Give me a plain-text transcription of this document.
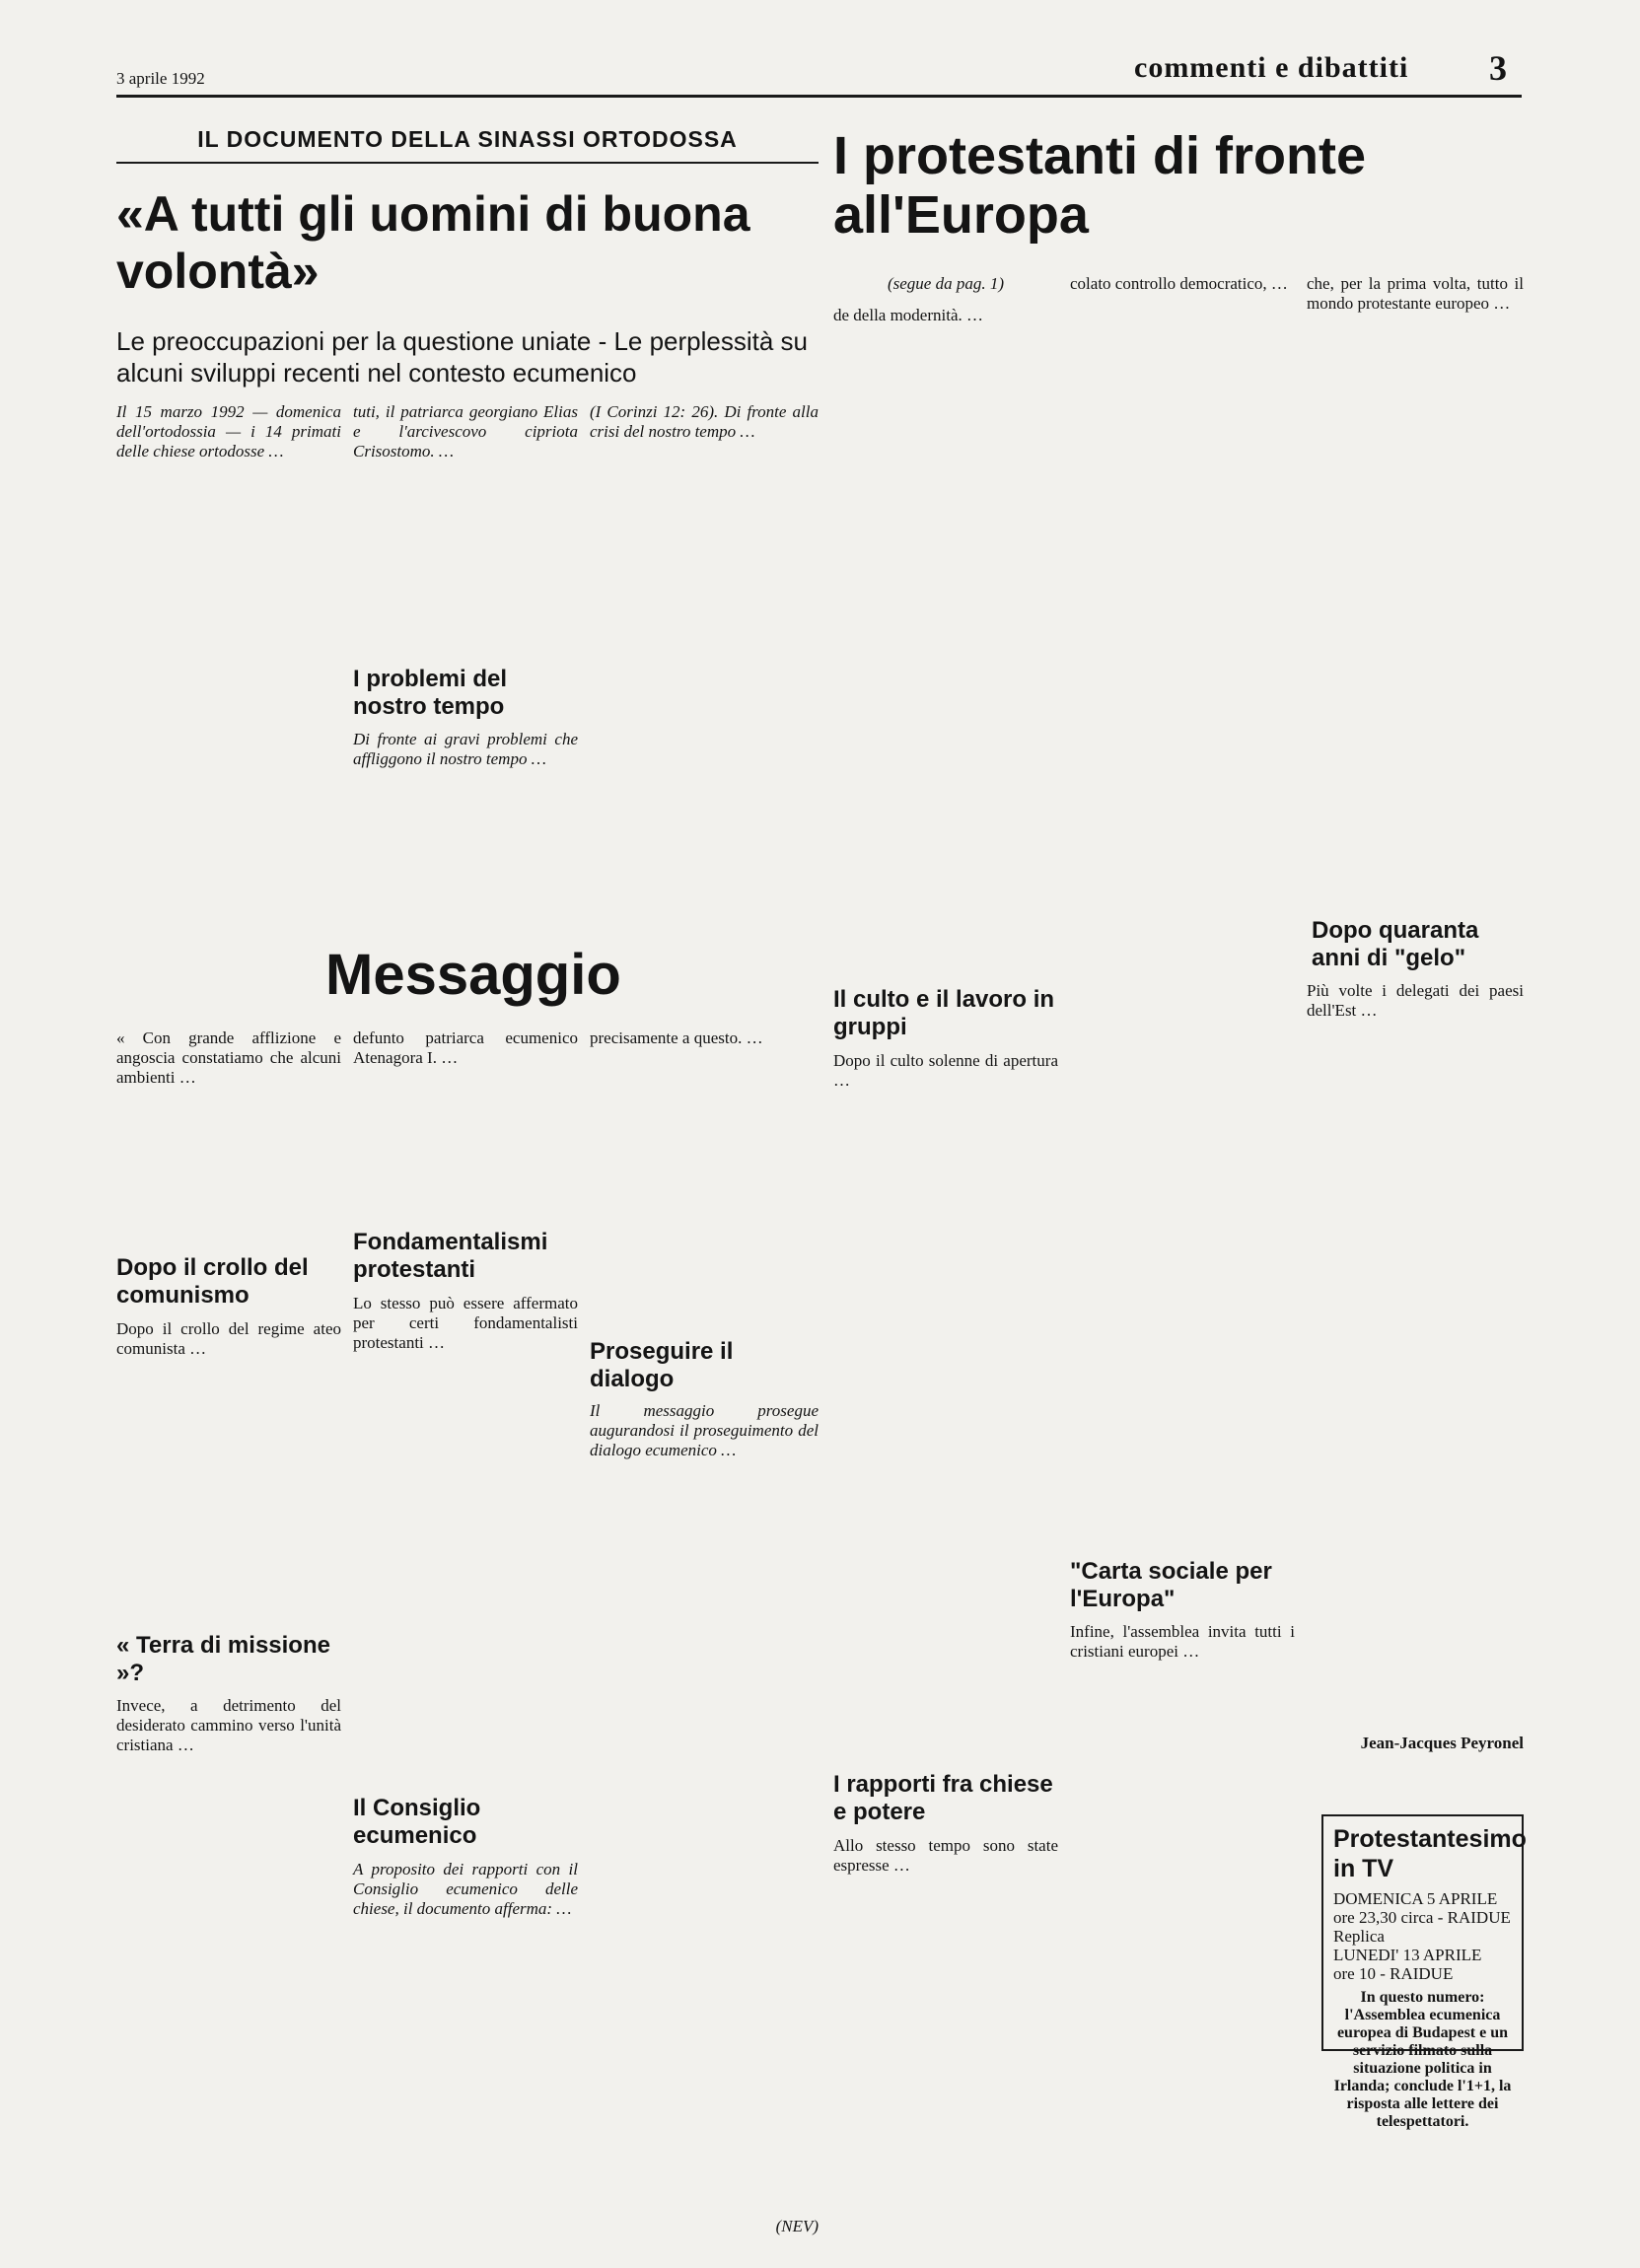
3 aprile 1992	commenti e dibattiti 3
IL DOCUMENTO DELLA SINASSI ORTODOSSA
«A tutti gli uomini di buona volontà»
Le preoccupazioni per la questione uniate - Le perplessità su alcuni sviluppi recenti nel contesto ecumenico
Il 15 marzo 1992 — domenica dell'ortodossia — i 14 primati delle chiese ortodosse …
tuti, il patriarca georgiano Elias e l'arcivescovo cipriota Crisostomo. …
(I Corinzi 12: 26). Di fronte alla crisi del nostro tempo …
I problemi del nostro tempo
Di fronte ai gravi problemi che affliggono il nostro tempo …
Messaggio
« Con grande afflizione e angoscia constatiamo che alcuni ambienti …
defunto patriarca ecumenico Atenagora I. …
precisamente a questo. …
Dopo il crollo del comunismo
Dopo il crollo del regime ateo comunista …
« Terra di missione »?
Invece, a detrimento del desiderato cammino verso l'unità cristiana …
Fondamentalismi protestanti
Lo stesso può essere affermato per certi fondamentalisti protestanti …
Il Consiglio ecumenico
A proposito dei rapporti con il Consiglio ecumenico delle chiese, il documento afferma: …
Proseguire il dialogo
Il messaggio prosegue augurandosi il proseguimento del dialogo ecumenico …
(NEV)
I protestanti di fronte all'Europa
(segue da pag. 1)
de della modernità. …
colato controllo democratico, …	che, per la prima volta, tutto il mondo protestante europeo …
Il culto e il lavoro in gruppi
Dopo il culto solenne di apertura …
I rapporti fra chiese e potere
Allo stesso tempo sono state espresse …
"Carta sociale per l'Europa"
Infine, l'assemblea invita tutti i cristiani europei …
Dopo quaranta anni di "gelo"
Più volte i delegati dei paesi dell'Est …
Jean-Jacques Peyronel
Protestantesimo in TV
DOMENICA 5 APRILE
ore 23,30 circa - RAIDUE
Replica
LUNEDI' 13 APRILE
ore 10 - RAIDUE
In questo numero: l'Assemblea ecumenica europea di Budapest e un servizio filmato sulla situazione politica in Irlanda; conclude l'1+1, la risposta alle lettere dei telespettatori.
